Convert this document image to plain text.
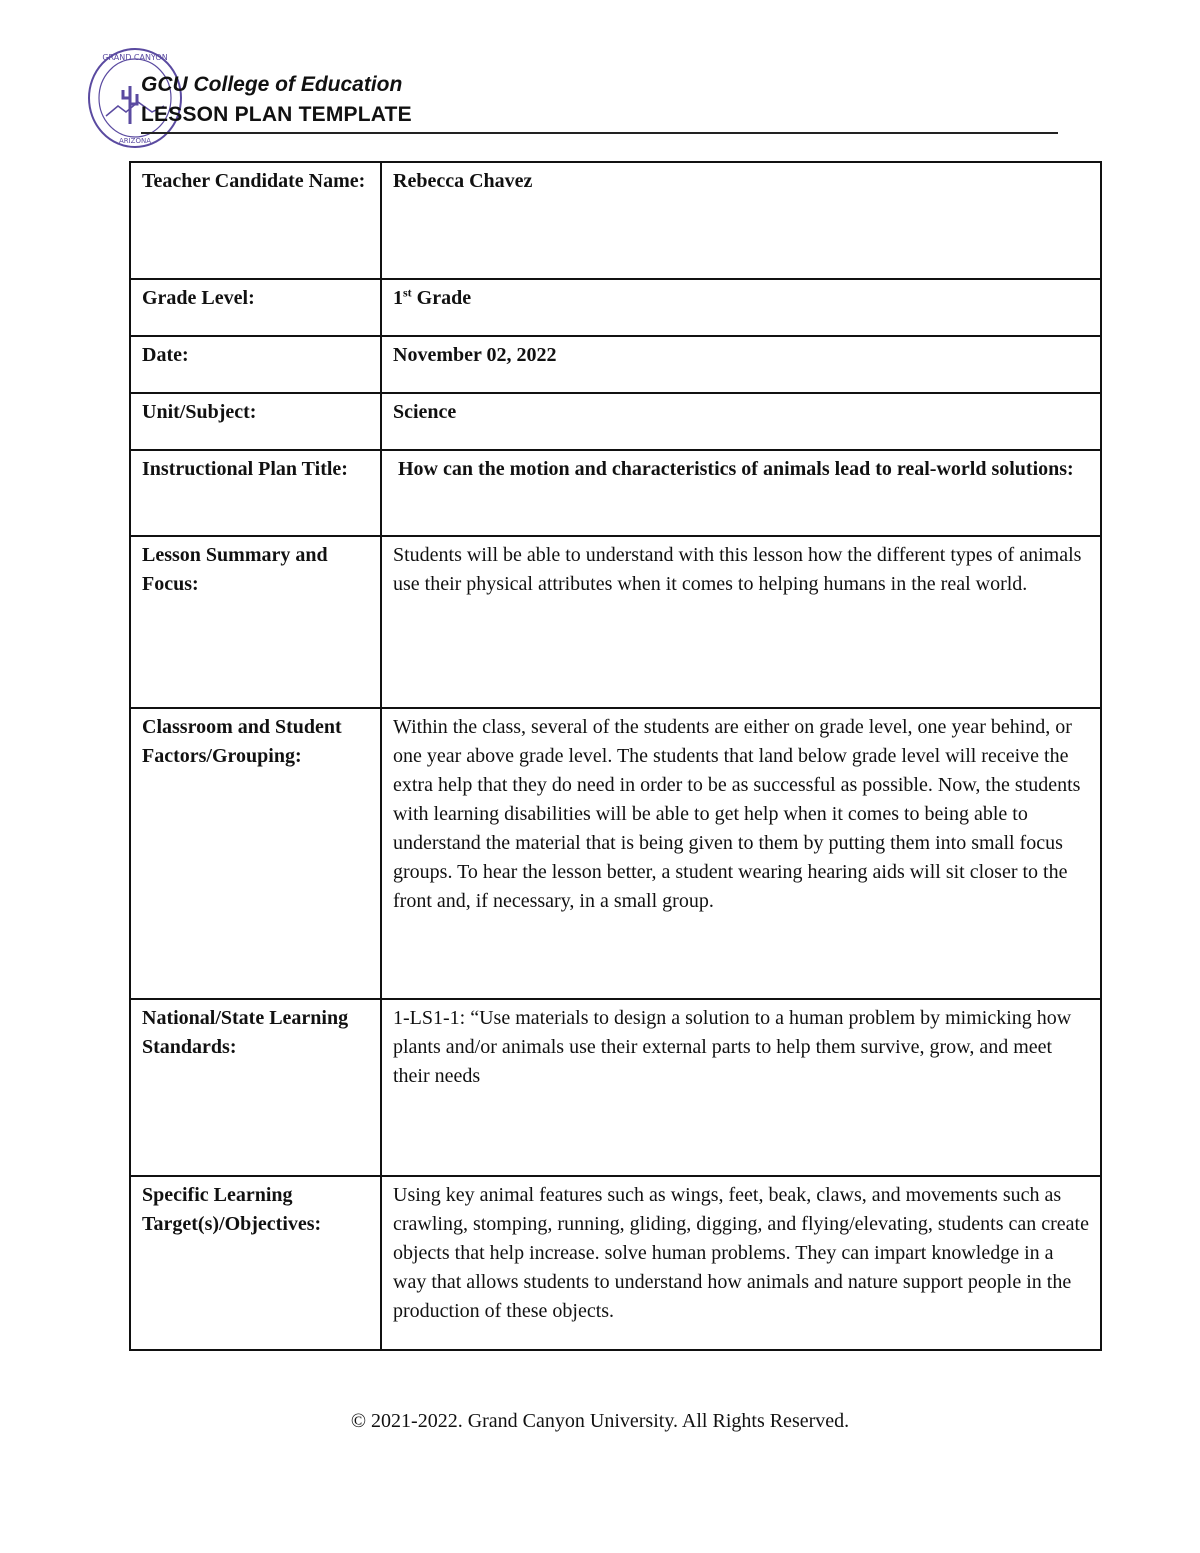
GRAND CANYON
ARIZONA
GCU College of Education
LESSON PLAN TEMPLATE
Teacher Candidate Name:	Rebecca Chavez
Grade Level:	1st Grade
Date:	November 02, 2022
Unit/Subject:	Science
Instructional Plan Title:	How can the motion and characteristics of animals lead to real-world solutions:
Lesson Summary and Focus:	Students will be able to understand with this lesson how the different types of animals use their physical attributes when it comes to helping humans in the real world.
Classroom and Student Factors/Grouping:	Within the class, several of the students are either on grade level, one year behind, or one year above grade level. The students that land below grade level will receive the extra help that they do need in order to be as successful as possible. Now, the students with learning disabilities will be able to get help when it comes to being able to understand the material that is being given to them by putting them into small focus groups. To hear the lesson better, a student wearing hearing aids will sit closer to the front and, if necessary, in a small group.
National/State Learning Standards:	1-LS1-1: “Use materials to design a solution to a human problem by mimicking how plants and/or animals use their external parts to help them survive, grow, and meet their needs
Specific Learning Target(s)/Objectives:	Using key animal features such as wings, feet, beak, claws, and movements such as crawling, stomping, running, gliding, digging, and flying/elevating, students can create objects that help increase. solve human problems. They can impart knowledge in a way that allows students to understand how animals and nature support people in the production of these objects.
© 2021-2022. Grand Canyon University. All Rights Reserved.
